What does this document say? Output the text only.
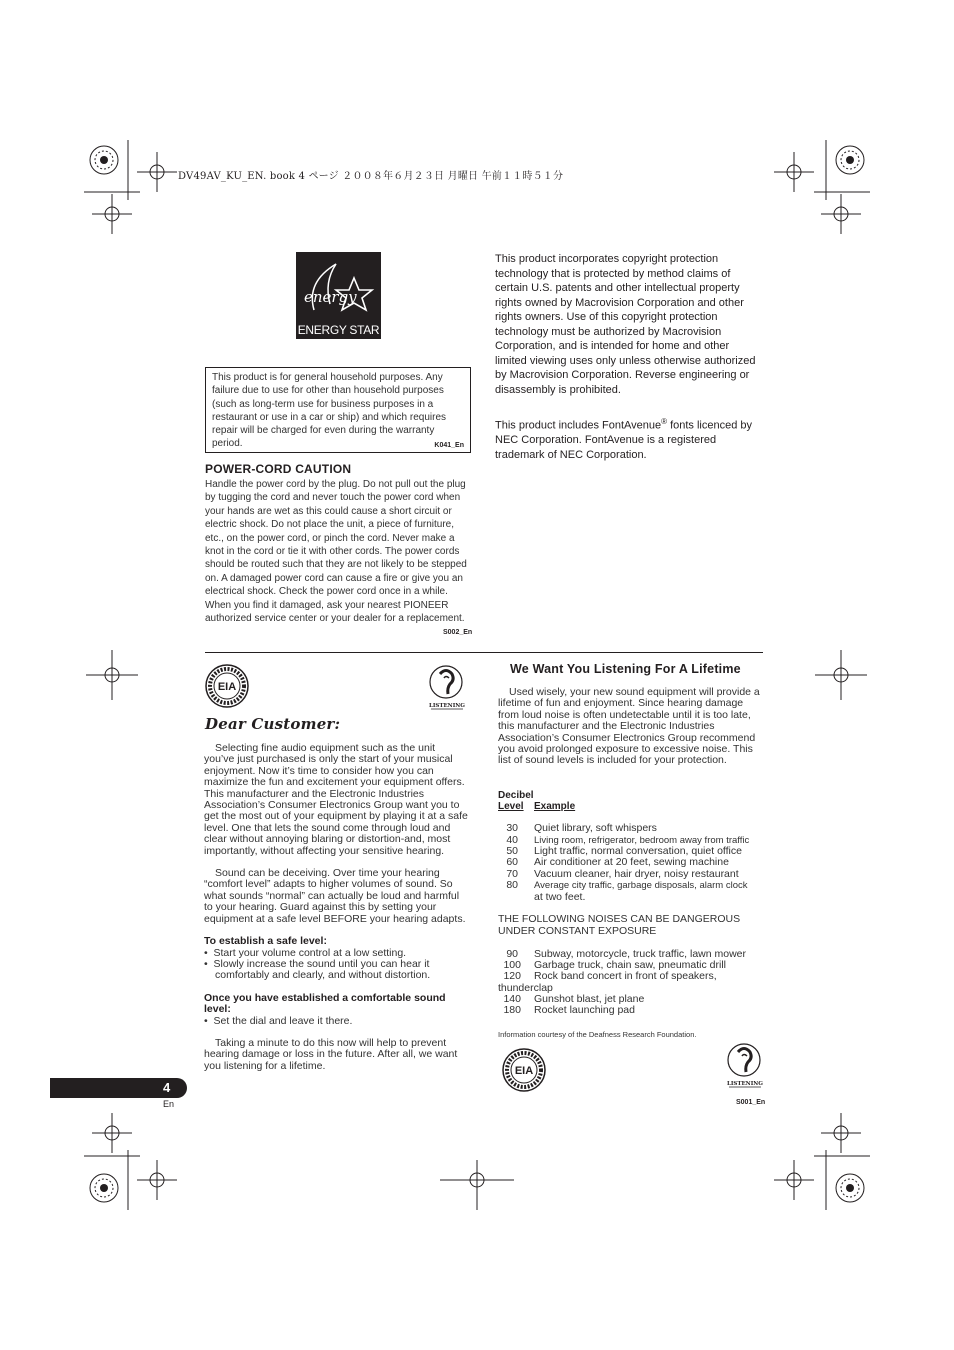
DV49AV_KU_EN. book 4 ページ ２００８年６月２３日 月曜日 午前１１時５１分
energy
ENERGY STAR

This product is for general household purposes. Any failure due to use for other than household purposes (such as long-term use for business purposes in a restaurant or use in a car or ship) and which requires repair will be charged for even during the warranty period.	K041_En
POWER-CORD CAUTION

Handle the power cord by the plug. Do not pull out the plug by tugging the cord and never touch the power cord when your hands are wet as this could cause a short circuit or electric shock. Do not place the unit, a piece of furniture, etc., on the power cord, or pinch the cord. Never make a knot in the cord or tie it with other cords. The power cords should be routed such that they are not likely to be stepped on. A damaged power cord can cause a fire or give you an electrical shock. Check the power cord once in a while. When you find it damaged, ask your nearest PIONEER authorized service center or your dealer for a replacement.

S002_En

This product incorporates copyright protection technology that is protected by method claims of certain U.S. patents and other intellectual property rights owned by Macrovision Corporation and other rights owners. Use of this copyright protection technology must be authorized by Macrovision Corporation, and is intended for home and other limited viewing uses only unless otherwise authorized by Macrovision Corporation. Reverse engineering or disassembly is prohibited.

This product includes FontAvenue® fonts licenced by NEC Corporation. FontAvenue is a registered trademark of NEC Corporation.

EIA
LISTENING
Dear Customer:

Selecting fine audio equipment such as the unit you’ve just purchased is only the start of your musical enjoyment. Now it’s time to consider how you can maximize the fun and excitement your equipment offers. This manufacturer and the Electronic Industries Association’s Consumer Electronics Group want you to get the most out of your equipment by playing it at a safe level. One that lets the sound come through loud and clear without annoying blaring or distortion-and, most importantly, without affecting your sensitive hearing.

Sound can be deceiving. Over time your hearing “comfort level” adapts to higher volumes of sound. So what sounds “normal” can actually be loud and harmful to your hearing. Guard against this by setting your equipment at a safe level BEFORE your hearing adapts.

To establish a safe level:

•  Start your volume control at a low setting.
•  Slowly increase the sound until you can hear it comfortably and clearly, and without distortion.

Once you have established a comfortable sound level:

•  Set the dial and leave it there.

Taking a minute to do this now will help to prevent hearing damage or loss in the future. After all, we want you listening for a lifetime.

We Want You Listening For A Lifetime

Used wisely, your new sound equipment will provide a lifetime of fun and enjoyment. Since hearing damage from loud noise is often undetectable until it is too late, this manufacturer and the Electronic Industries Association’s Consumer Electronics Group recommend you avoid prolonged exposure to excessive noise. This list of sound levels is included for your protection.

Decibel
Level Example
30 Quiet library, soft whispers
40 Living room, refrigerator, bedroom away from traffic
50 Light traffic, normal conversation, quiet office
60 Air conditioner at 20 feet, sewing machine
70 Vacuum cleaner, hair dryer, noisy restaurant
80 Average city traffic, garbage disposals, alarm clock
at two feet.
THE FOLLOWING NOISES CAN BE DANGEROUS
UNDER CONSTANT EXPOSURE
90 Subway, motorcycle, truck traffic, lawn mower
100 Garbage truck, chain saw, pneumatic drill
120 Rock band concert in front of speakers,
thunderclap
140 Gunshot blast, jet plane
180 Rocket launching pad
Information courtesy of the Deafness Research Foundation.
EIA
LISTENING
S001_En
4
En
